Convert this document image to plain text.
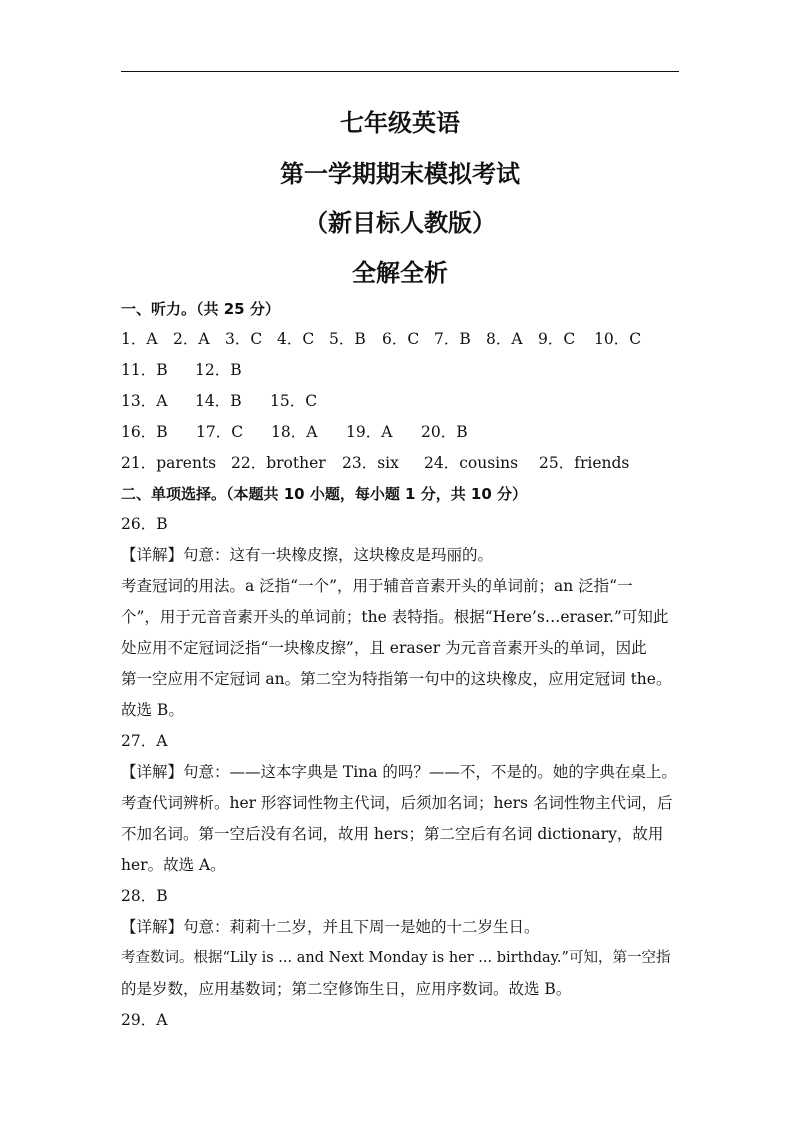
七年级英语
第一学期期末模拟考试
（新目标人教版）
全解全析
一、听力。（共 25 分）
1．A 2．A 3．C 4．C 5．B 6．C 7．B 8．A 9．C 10．C
11．B 12．B
13．A 14．B 15．C
16．B 17．C 18．A 19．A 20．B
21．parents 22．brother 23．six 24．cousins 25．friends
二、单项选择。（本题共 10 小题，每小题 1 分，共 10 分）
26．B
【详解】句意：这有一块橡皮擦，这块橡皮是玛丽的。
考查冠词的用法。a 泛指“一个”，用于辅音音素开头的单词前；an 泛指“一
个”，用于元音音素开头的单词前；the 表特指。根据“Here’s…eraser.”可知此
处应用不定冠词泛指“一块橡皮擦”，且 eraser 为元音音素开头的单词，因此
第一空应用不定冠词 an。第二空为特指第一句中的这块橡皮，应用定冠词 the。
故选 B。
27．A
【详解】句意：——这本字典是 Tina 的吗？——不，不是的。她的字典在桌上。
考查代词辨析。her 形容词性物主代词，后须加名词；hers 名词性物主代词，后
不加名词。第一空后没有名词，故用 hers；第二空后有名词 dictionary，故用
her。故选 A。
28．B
【详解】句意：莉莉十二岁，并且下周一是她的十二岁生日。
考查数词。根据“Lily is ... and Next Monday is her ... birthday.”可知，第一空指
的是岁数，应用基数词；第二空修饰生日，应用序数词。故选 B。
29．A
